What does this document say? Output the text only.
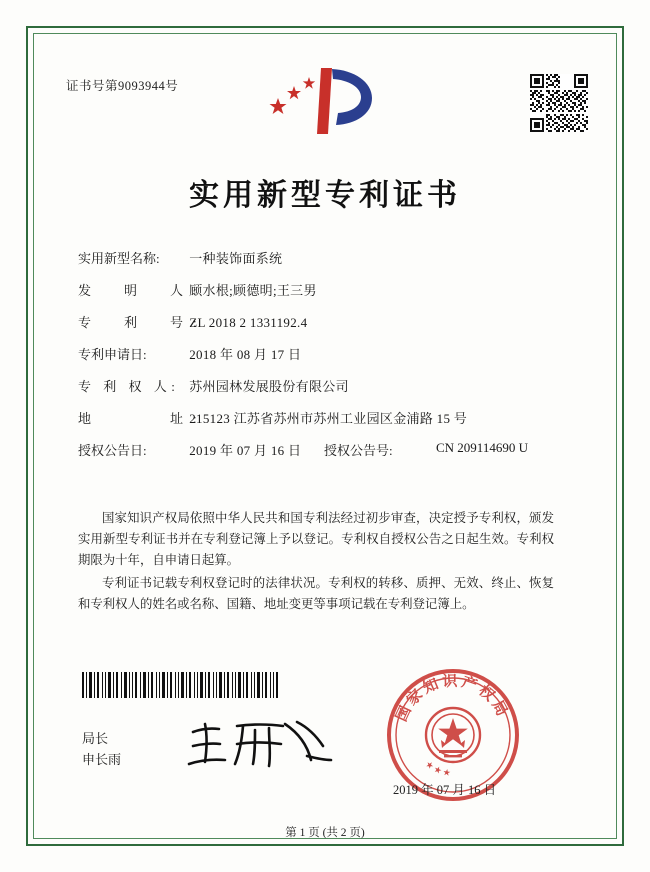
证书号第9093944号
实用新型专利证书
实用新型名称: 一种装饰面系统
发　明　人: 顾水根;顾德明;王三男
专　利　号: ZL 2018 2 1331192.4
专利申请日:	2018 年 08 月 17 日
专 利 权 人: 苏州园林发展股份有限公司
地　　　址: 215123 江苏省苏州市苏州工业园区金浦路 15 号
授权公告日:	2019 年 07 月 16 日 授权公告号:	CN 209114690 U

国家知识产权局依照中华人民共和国专利法经过初步审查，决定授予专利权，颁发实用新型专利证书并在专利登记簿上予以登记。专利权自授权公告之日起生效。专利权期限为十年，自申请日起算。

专利证书记载专利权登记时的法律状况。专利权的转移、质押、无效、终止、恢复和专利权人的姓名或名称、国籍、地址变更等事项记载在专利登记簿上。

局长
申长雨
国家知识产权局
★★★
2019 年 07 月 16 日
第 1 页 (共 2 页)
